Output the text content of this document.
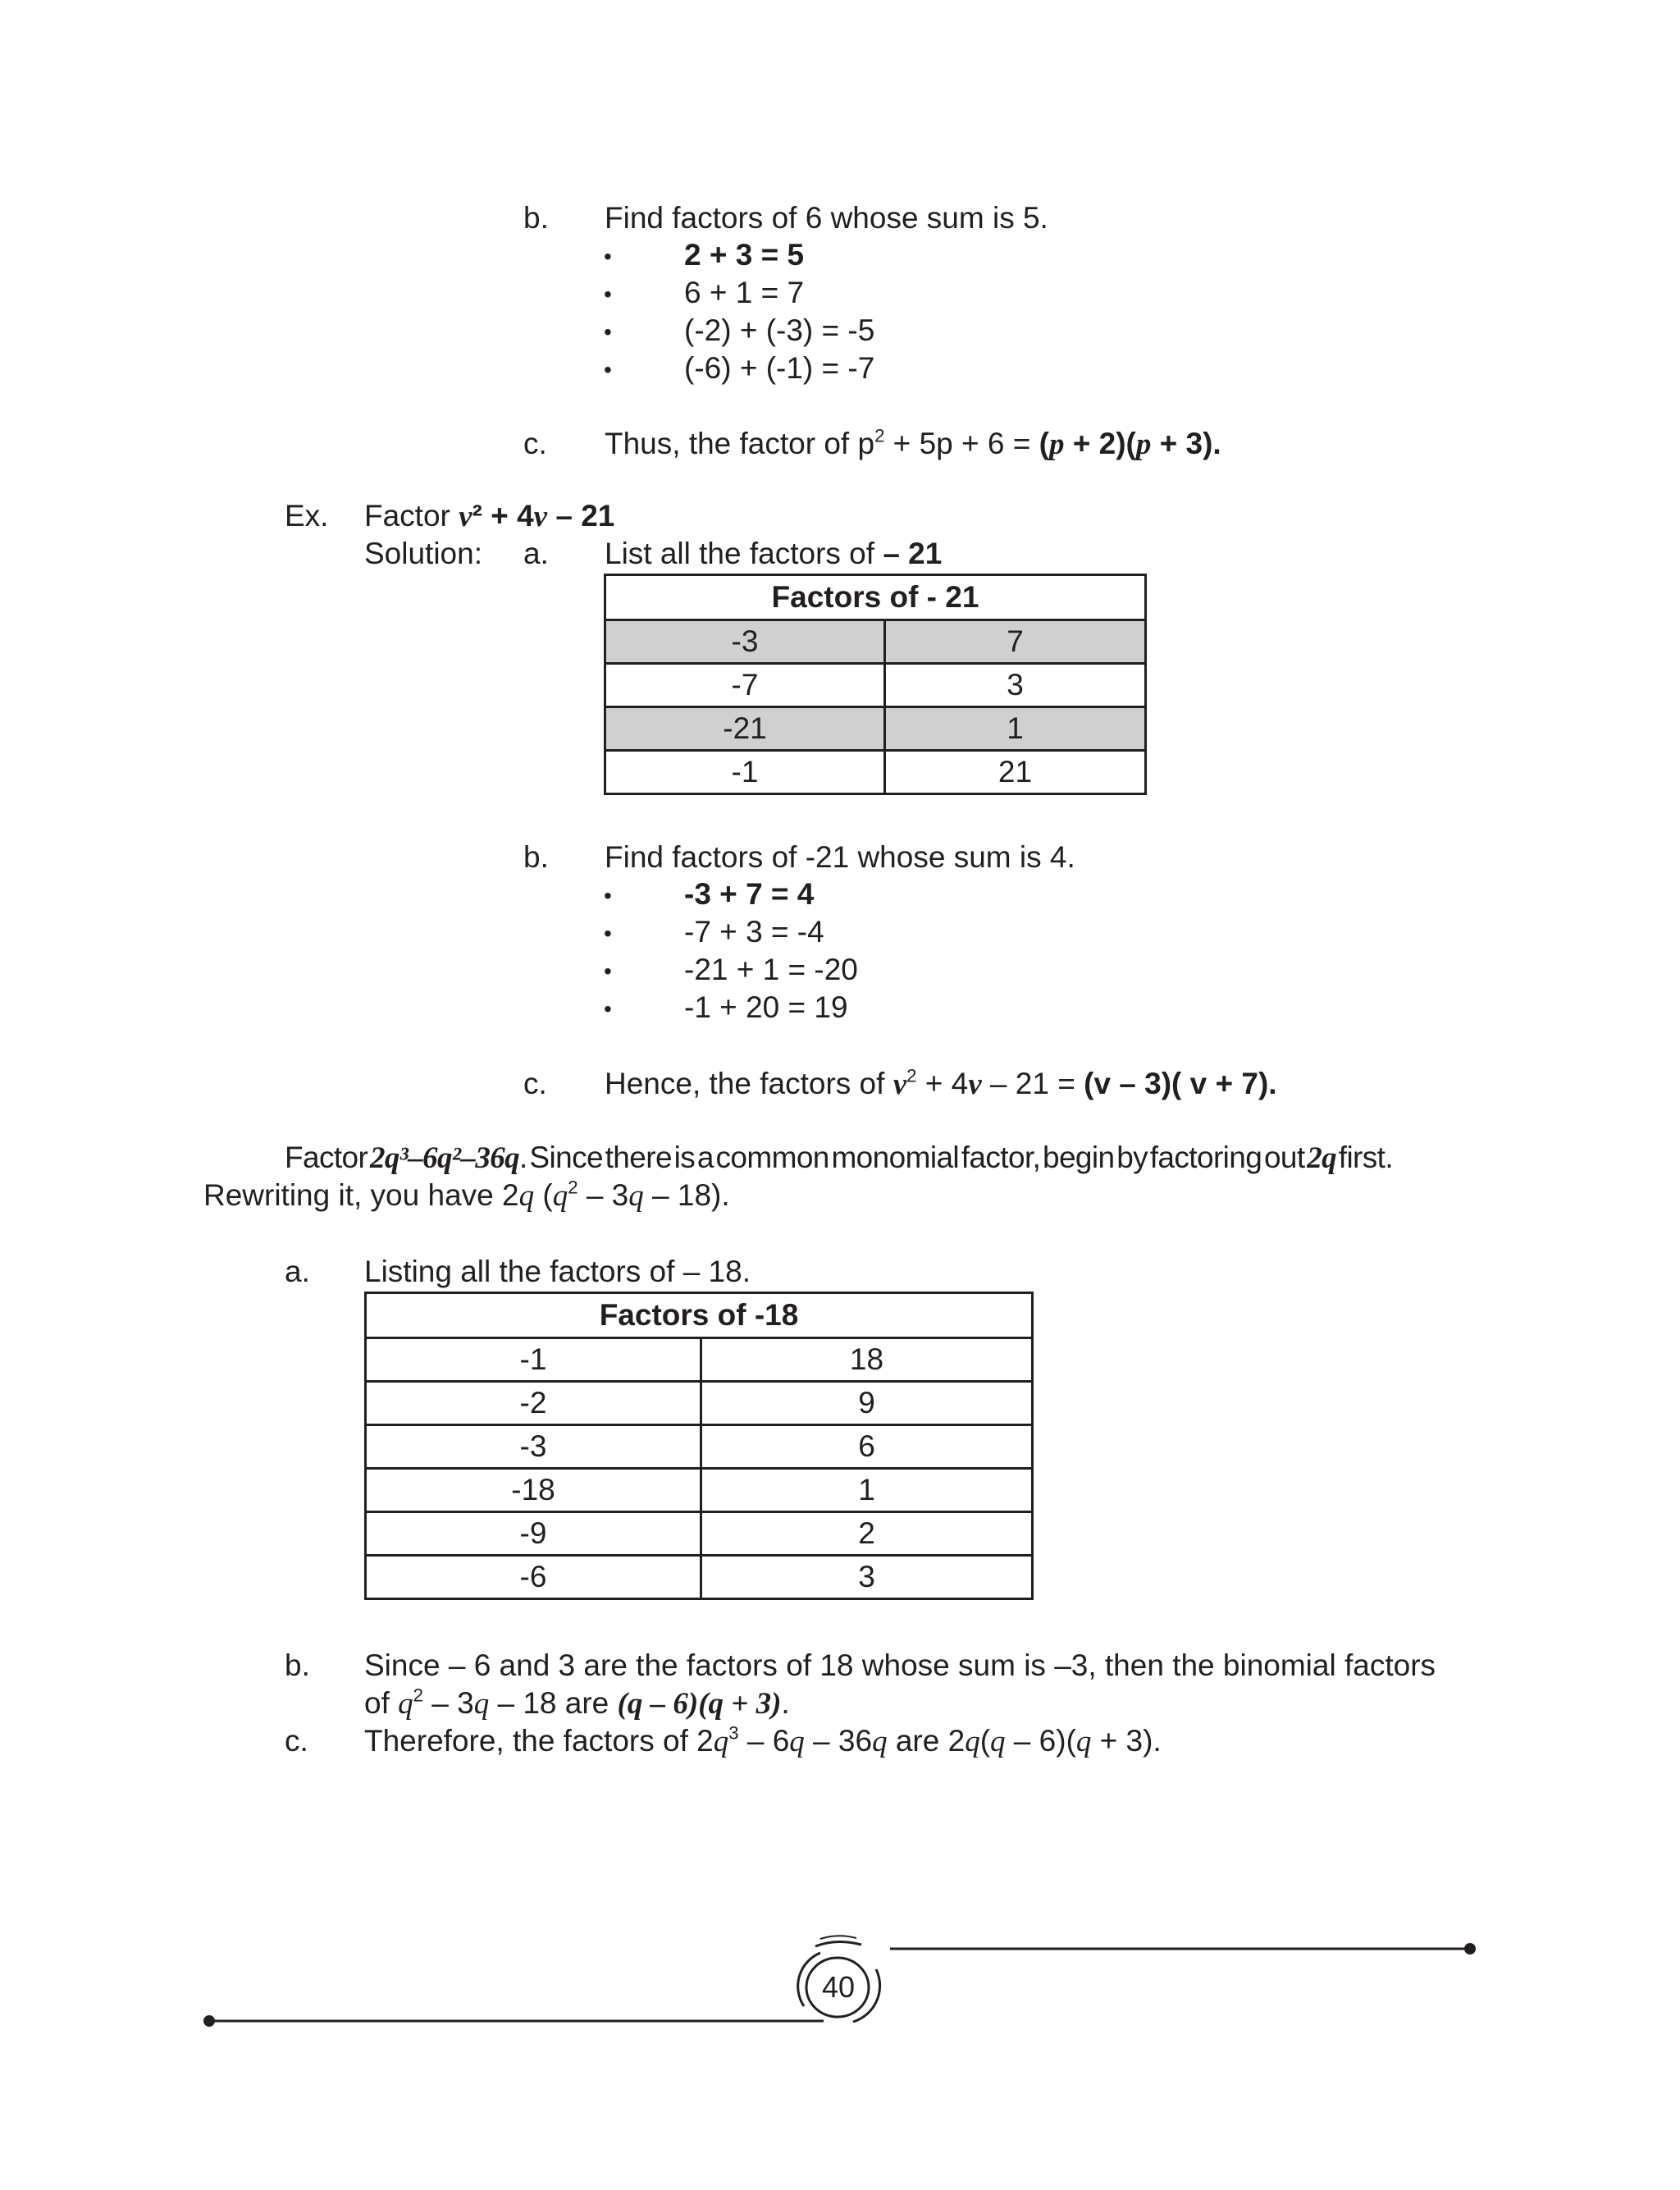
40
b. Find factors of 6 whose sum is 5.
• 2 + 3 = 5
• 6 + 1 = 7
• (-2) + (-3) = -5
• (-6) + (-1) = -7
c. Thus, the factor of $p^2 + 5p + 6 = (p + 2)(p + 3)$.
Ex. Factor v² + 4v – 21
Solution: a. List all the factors of – 21
Factors of - 21	
-3	7
-7	3
-21	1
-1	21
b. Find factors of -21 whose sum is 4.
• -3 + 7 = 4
• -7 + 3 = -4
• -21 + 1 = -20
• -1 + 20 = 19
c. Hence, the factors of $v^2 + 4v - 21 = (v - 3)$( v + 7).
Factor 2q³–6q²–36q. Since there is a common monomial factor, begin by factoring out 2q first.
Rewriting it, you have 2q $(q^2 - 3q - 18)$.
a. Listing all the factors of – 18.
Factors of -18	
-1	18
-2	9
-3	6
-18	1
-9	2
-6	3
b. Since – 6 and 3 are the factors of 18 whose sum is –3, then the binomial factors
of $q^2 - 3q - 18$ are (q – 6)(q + 3).
c. Therefore, the factors of $2q^3 - 6q - 36q$ are 2q(q – 6)(q + 3).
